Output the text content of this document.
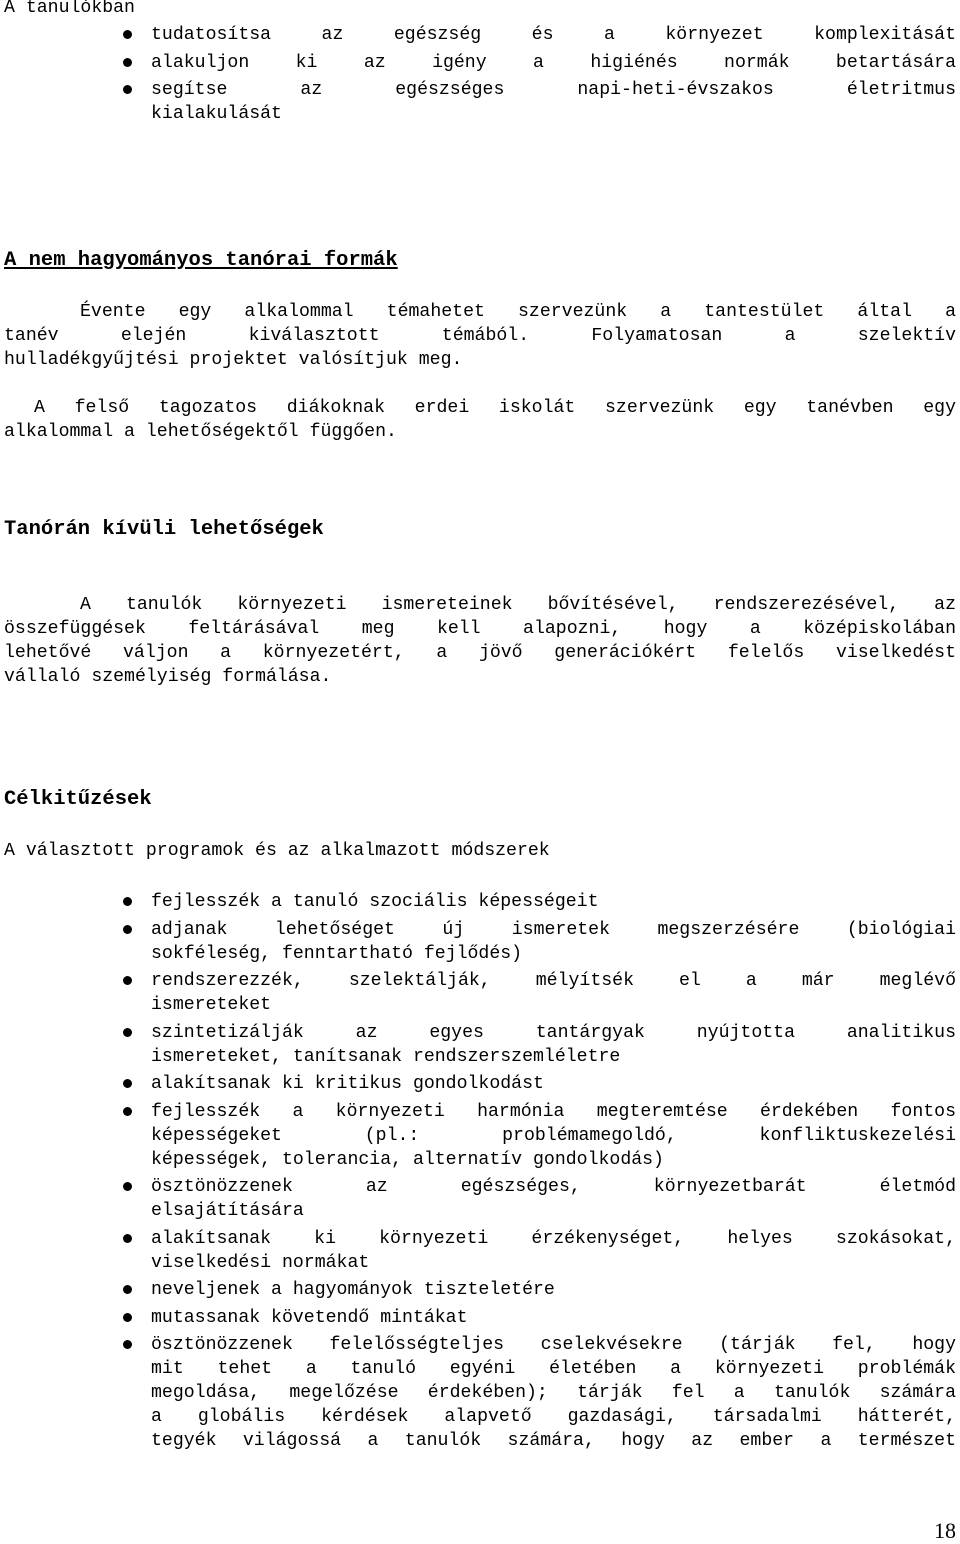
A tanulókban
tudatosítsa az egészség és a környezet komplexitását
alakuljon ki az igény a higiénés normák betartására
segítse az egészséges napi-heti-évszakos életritmus
kialakulását
A nem hagyományos tanórai formák
Évente egy alkalommal témahetet szervezünk a tantestület által a
tanév elején kiválasztott témából. Folyamatosan a szelektív
hulladékgyűjtési projektet valósítjuk meg.
A felső tagozatos diákoknak erdei iskolát szervezünk egy tanévben egy
alkalommal a lehetőségektől függően.
Tanórán kívüli lehetőségek
A tanulók környezeti ismereteinek bővítésével, rendszerezésével, az
összefüggések feltárásával meg kell alapozni, hogy a középiskolában
lehetővé váljon a környezetért, a jövő generációkért felelős viselkedést
vállaló személyiség formálása.
Célkitűzések
A választott programok és az alkalmazott módszerek
fejlesszék a tanuló szociális képességeit
adjanak lehetőséget új ismeretek megszerzésére (biológiai
sokféleség, fenntartható fejlődés)
rendszerezzék, szelektálják, mélyítsék el a már meglévő
ismereteket
szintetizálják az egyes tantárgyak nyújtotta analitikus
ismereteket, tanítsanak rendszerszemléletre
alakítsanak ki kritikus gondolkodást
fejlesszék a környezeti harmónia megteremtése érdekében fontos
képességeket (pl.: problémamegoldó, konfliktuskezelési
képességek, tolerancia, alternatív gondolkodás)
ösztönözzenek az egészséges, környezetbarát életmód
elsajátítására
alakítsanak ki környezeti érzékenységet, helyes szokásokat,
viselkedési normákat
neveljenek a hagyományok tiszteletére
mutassanak követendő mintákat
ösztönözzenek felelősségteljes cselekvésekre (tárják fel, hogy
mit tehet a tanuló egyéni életében a környezeti problémák
megoldása, megelőzése érdekében); tárják fel a tanulók számára
a globális kérdések alapvető gazdasági, társadalmi hátterét,
tegyék világossá a tanulók számára, hogy az ember a természet
18
